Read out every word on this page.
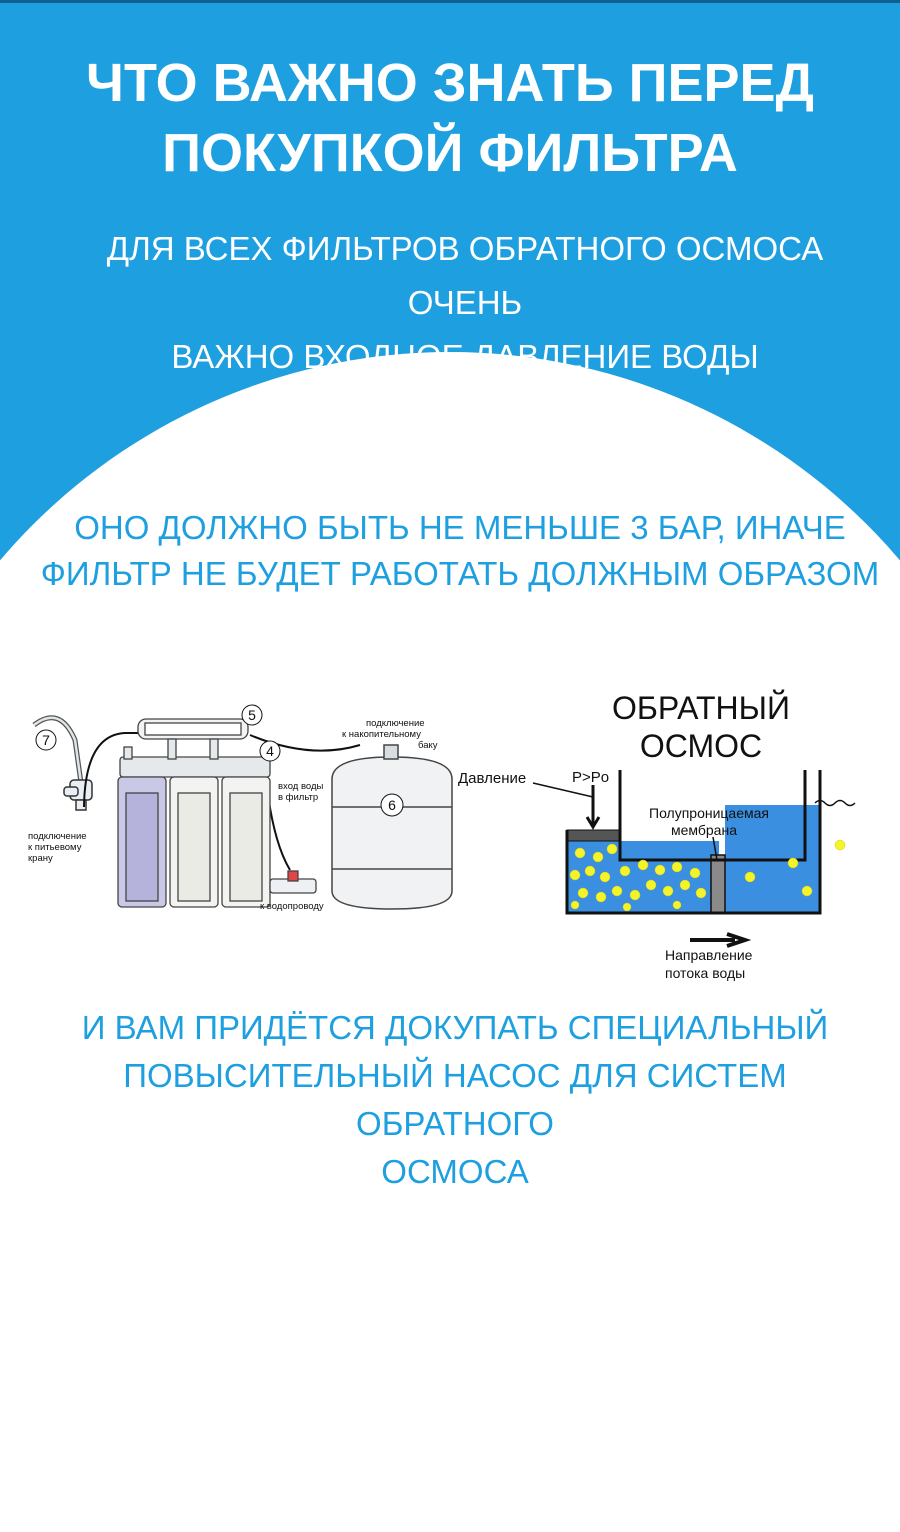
ЧТО ВАЖНО ЗНАТЬ ПЕРЕД
ПОКУПКОЙ ФИЛЬТРА

ДЛЯ ВСЕХ ФИЛЬТРОВ ОБРАТНОГО ОСМОСА ОЧЕНЬ
ВАЖНО ВХОДНОЕ ДАВЛЕНИЕ ВОДЫ

ОНО ДОЛЖНО БЫТЬ НЕ МЕНЬШЕ 3 БАР, ИНАЧЕ
ФИЛЬТР НЕ БУДЕТ РАБОТАТЬ ДОЛЖНЫМ ОБРАЗОМ

7
5
4
6
подключение
к питьевому
крану
подключение
к накопительному
баку
вход воды
в фильтр
к водопроводу
ОБРАТНЫЙ
ОСМОС
Давление	P>Po
Полупроницаемая
мембрана
Направление
потока воды

И ВАМ ПРИДЁТСЯ ДОКУПАТЬ СПЕЦИАЛЬНЫЙ
ПОВЫСИТЕЛЬНЫЙ НАСОС ДЛЯ СИСТЕМ ОБРАТНОГО
ОСМОСА
